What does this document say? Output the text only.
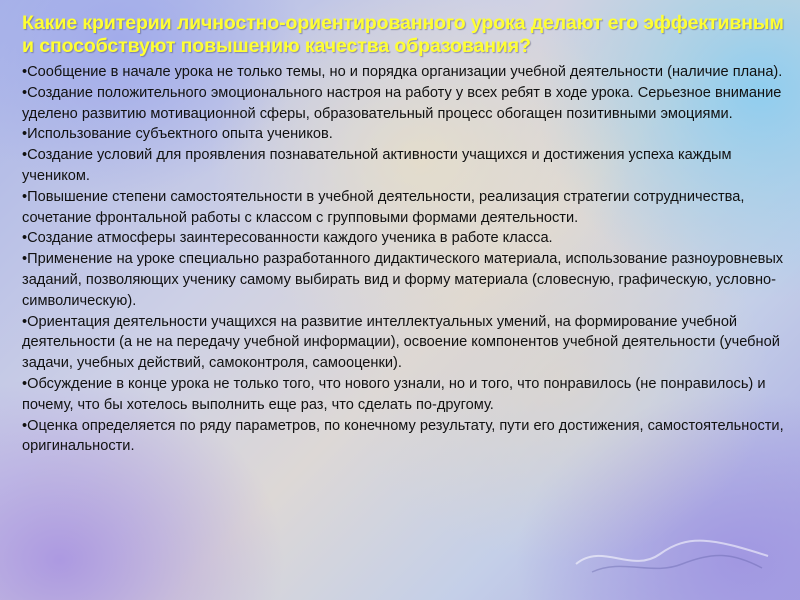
Какие критерии личностно-ориентированного урока делают его эффективным и способствуют повышению качества образования?
•Сообщение в начале урока не только темы, но и порядка организации учебной деятельности (наличие плана).
•Создание положительного эмоционального настроя на работу у всех ребят в ходе урока. Серьезное внимание уделено развитию мотивационной сферы, образовательный процесс обогащен позитивными эмоциями.
•Использование субъектного опыта учеников.
•Создание условий для проявления познавательной активности учащихся и достижения успеха каждым учеником.
•Повышение степени самостоятельности в учебной деятельности, реализация стратегии сотрудничества, сочетание фронтальной работы с классом с групповыми формами деятельности.
•Создание атмосферы заинтересованности каждого ученика в работе класса.
•Применение на уроке специально разработанного дидактического материала, использование разноуровневых заданий, позволяющих ученику самому выбирать вид и форму материала (словесную, графическую, условно-символическую).
•Ориентация деятельности учащихся на развитие интеллектуальных умений, на формирование учебной деятельности (а не на передачу учебной информации), освоение компонентов учебной деятельности (учебной задачи, учебных действий, самоконтроля, самооценки).
•Обсуждение в конце урока не только того, что нового узнали, но и того, что понравилось (не понравилось) и почему, что бы хотелось выполнить еще раз, что сделать по-другому.
•Оценка определяется по ряду параметров, по конечному результату, пути его достижения, самостоятельности, оригинальности.
